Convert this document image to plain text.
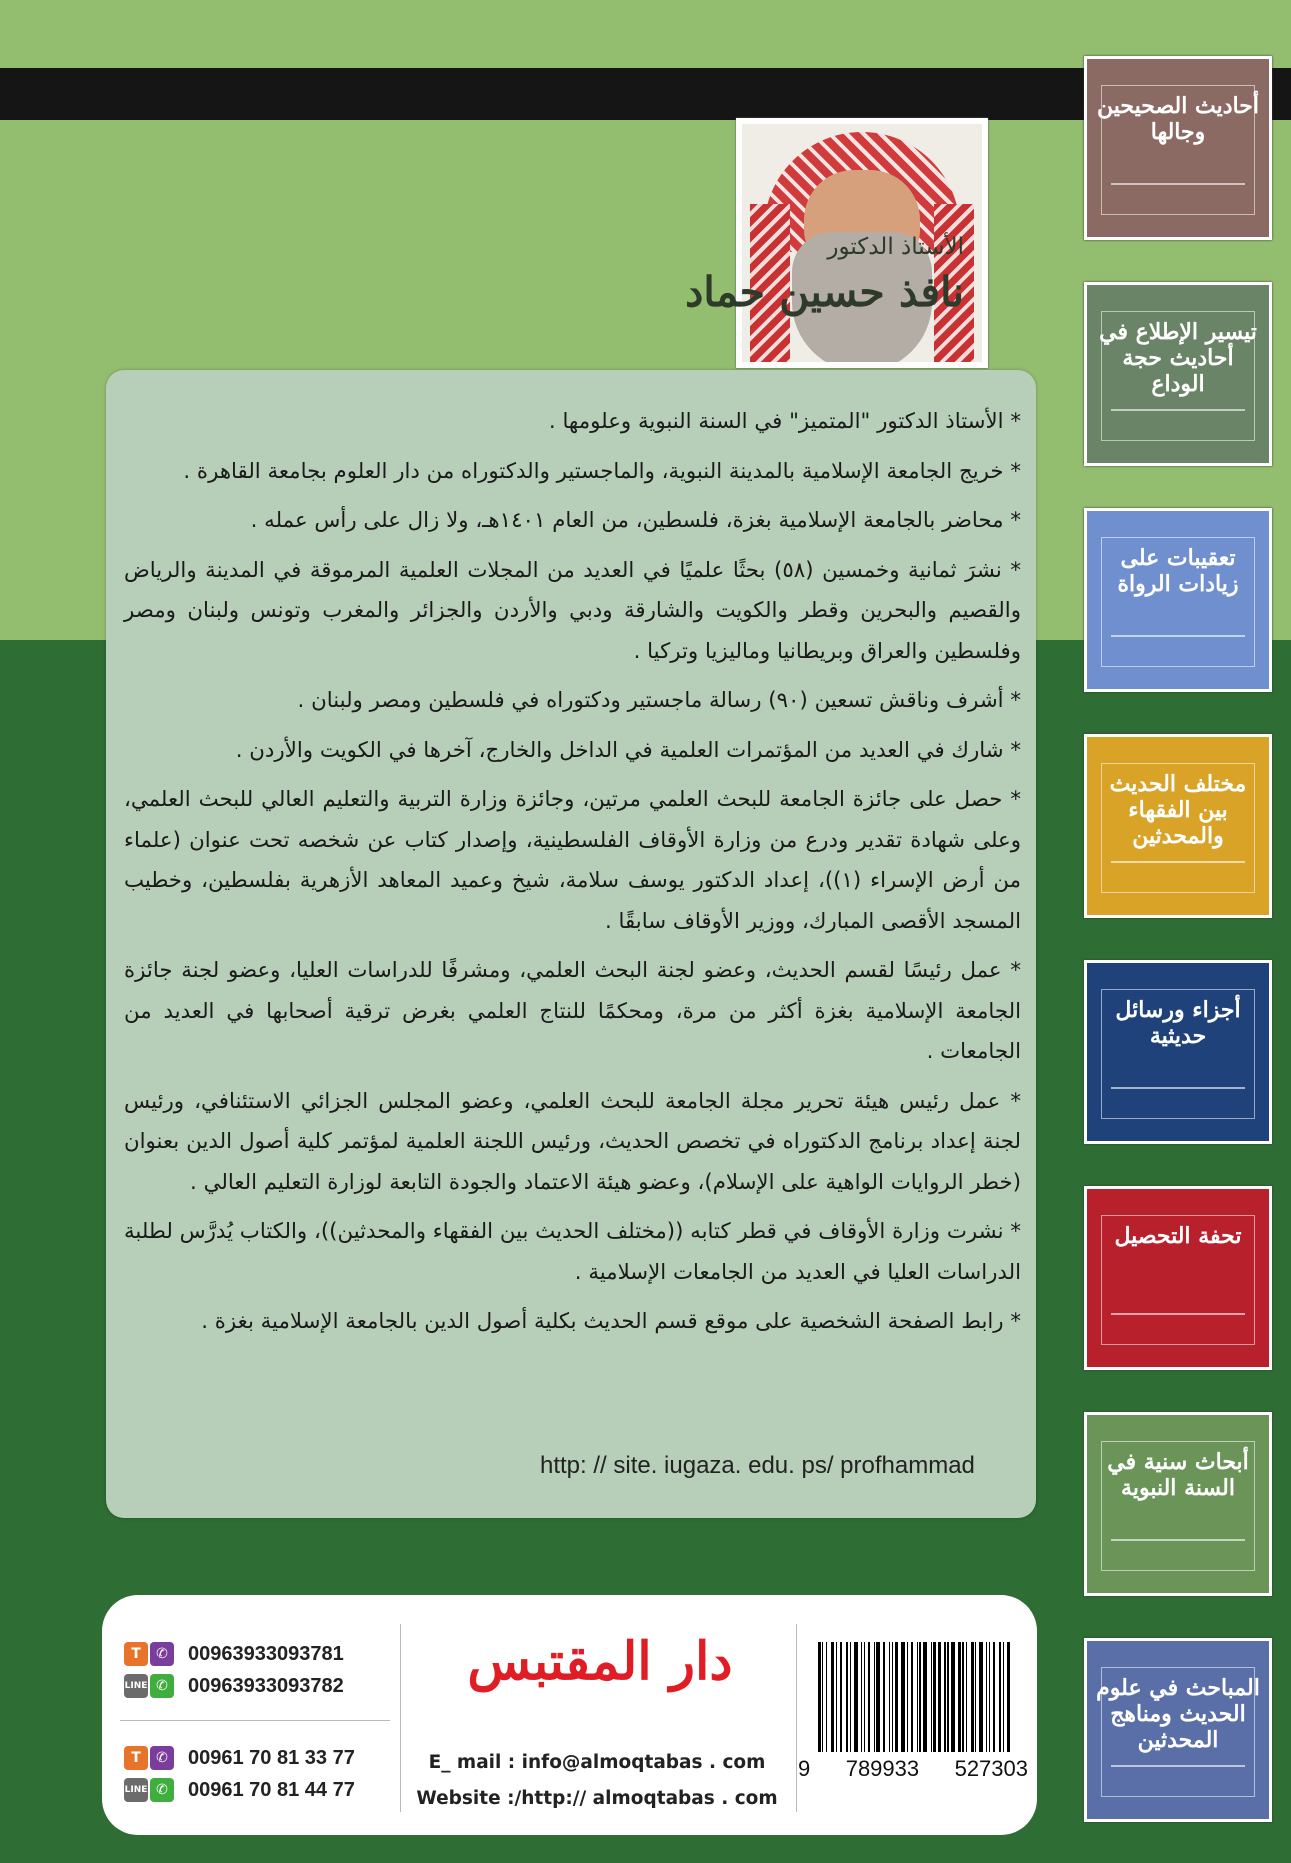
الأستاذ الدكتور
نافذ حسين حماد

* الأستاذ الدكتور "المتميز" في السنة النبوية وعلومها .

* خريج الجامعة الإسلامية بالمدينة النبوية، والماجستير والدكتوراه من دار العلوم بجامعة القاهرة .

* محاضر بالجامعة الإسلامية بغزة، فلسطين، من العام ١٤٠١هـ، ولا زال على رأس عمله .

* نشرَ ثمانية وخمسين (٥٨) بحثًا علميًا في العديد من المجلات العلمية المرموقة في المدينة والرياض والقصيم والبحرين وقطر والكويت والشارقة ودبي والأردن والجزائر والمغرب وتونس ولبنان ومصر وفلسطين والعراق وبريطانيا وماليزيا وتركيا .

* أشرف وناقش تسعين (٩٠) رسالة ماجستير ودكتوراه في فلسطين ومصر ولبنان .

* شارك في العديد من المؤتمرات العلمية في الداخل والخارج، آخرها في الكويت والأردن .

* حصل على جائزة الجامعة للبحث العلمي مرتين، وجائزة وزارة التربية والتعليم العالي للبحث العلمي، وعلى شهادة تقدير ودرع من وزارة الأوقاف الفلسطينية، وإصدار كتاب عن شخصه تحت عنوان (علماء من أرض الإسراء (١))، إعداد الدكتور يوسف سلامة، شيخ وعميد المعاهد الأزهرية بفلسطين، وخطيب المسجد الأقصى المبارك، ووزير الأوقاف سابقًا .

* عمل رئيسًا لقسم الحديث، وعضو لجنة البحث العلمي، ومشرفًا للدراسات العليا، وعضو لجنة جائزة الجامعة الإسلامية بغزة أكثر من مرة، ومحكمًا للنتاج العلمي بغرض ترقية أصحابها في العديد من الجامعات .

* عمل رئيس هيئة تحرير مجلة الجامعة للبحث العلمي، وعضو المجلس الجزائي الاستئنافي، ورئيس لجنة إعداد برنامج الدكتوراه في تخصص الحديث، ورئيس اللجنة العلمية لمؤتمر كلية أصول الدين بعنوان (خطر الروايات الواهية على الإسلام)، وعضو هيئة الاعتماد والجودة التابعة لوزارة التعليم العالي .

* نشرت وزارة الأوقاف في قطر كتابه ((مختلف الحديث بين الفقهاء والمحدثين))، والكتاب يُدرَّس لطلبة الدراسات العليا في العديد من الجامعات الإسلامية .

* رابط الصفحة الشخصية على موقع قسم الحديث بكلية أصول الدين بالجامعة الإسلامية بغزة .

http: // site. iugaza. edu. ps/ profhammad
أحاديث الصحيحين وجالها
تيسير الإطلاع في أحاديث حجة الوداع
تعقيبات على زيادات الرواة
مختلف الحديث بين الفقهاء والمحدثين
أجزاء ورسائل حديثية
تحفة التحصيل
أبحاث سنية في السنة النبوية
المباحث في علوم الحديث ومناهج المحدثين
T	✆	00963933093781
LINE ✆	00963933093782
T	✆	00961 70 81 33 77
LINE ✆	00961 70 81 44 77
دار المقتبس
E_ mail : info@almoqtabas . com
Website :/http:// almoqtabas . com
9 789933 527303
